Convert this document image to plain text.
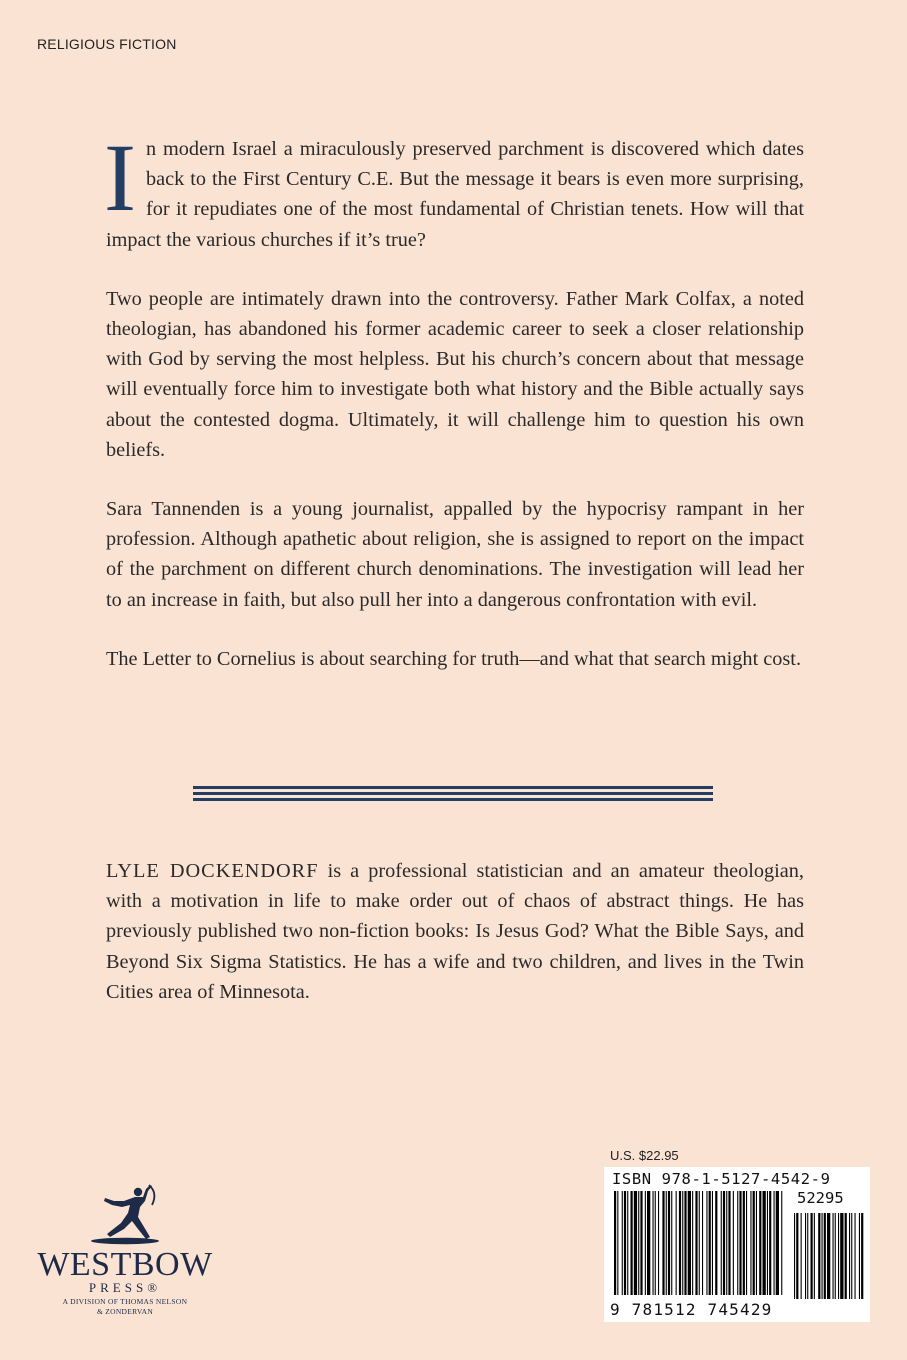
RELIGIOUS FICTION

In modern Israel a miraculously preserved parchment is discovered which dates back to the First Century C.E. But the message it bears is even more surprising, for it repudiates one of the most fundamental of Christian tenets. How will that impact the various churches if it’s true?

Two people are intimately drawn into the controversy. Father Mark Colfax, a noted theologian, has abandoned his former academic career to seek a closer relationship with God by serving the most helpless. But his church’s concern about that message will eventually force him to investigate both what history and the Bible actually says about the contested dogma. Ultimately, it will challenge him to question his own beliefs.

Sara Tannenden is a young journalist, appalled by the hypocrisy rampant in her profession. Although apathetic about religion, she is assigned to report on the impact of the parchment on different church denominations. The investigation will lead her to an increase in faith, but also pull her into a dangerous confrontation with evil.

The Letter to Cornelius is about searching for truth—and what that search might cost.

LYLE DOCKENDORF is a professional statistician and an amateur theologian, with a motivation in life to make order out of chaos of abstract things. He has previously published two non-fiction books: Is Jesus God? What the Bible Says, and Beyond Six Sigma Statistics. He has a wife and two children, and lives in the Twin Cities area of Minnesota.
WESTBOW
PRESS®
A DIVISION OF THOMAS NELSON
& ZONDERVAN
U.S. $22.95
ISBN 978-1-5127-4542-9
52295
9 781512 745429
